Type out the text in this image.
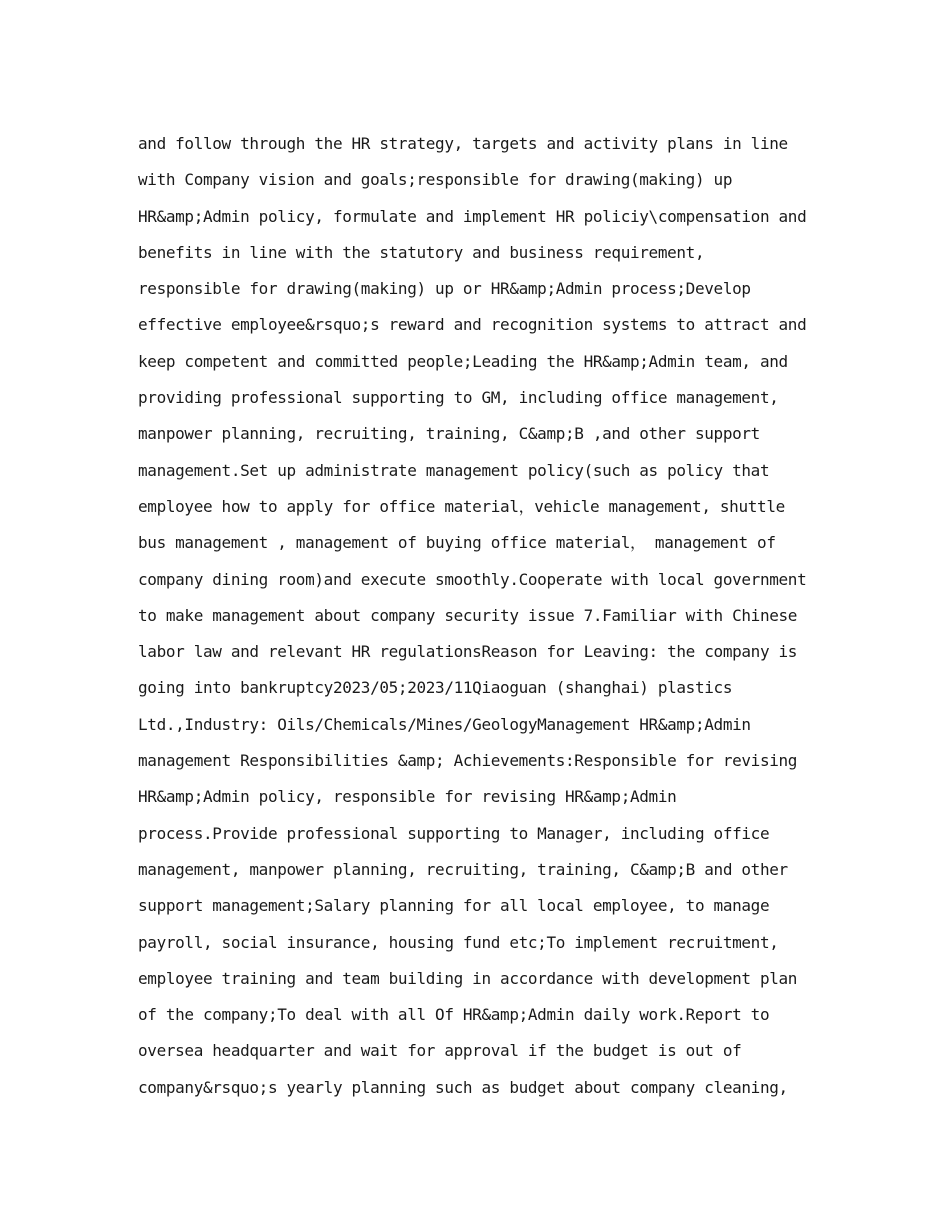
and follow through the HR strategy, targets and activity plans in line
with Company vision and goals;responsible for drawing(making) up
HR&amp;Admin policy, formulate and implement HR policiy\compensation and
benefits in line with the statutory and business requirement,
responsible for drawing(making) up or HR&amp;Admin process;Develop
effective employee&rsquo;s reward and recognition systems to attract and
keep competent and committed people;Leading the HR&amp;Admin team, and
providing professional supporting to GM, including office management,
manpower planning, recruiting, training, C&amp;B ,and other support
management.Set up administrate management policy(such as policy that
employee how to apply for office material，vehicle management, shuttle
bus management , management of buying office material， management of
company dining room)and execute smoothly.Cooperate with local government
to make management about company security issue 7.Familiar with Chinese
labor law and relevant HR regulationsReason for Leaving: the company is
going into bankruptcy2023/05;2023/11Qiaoguan (shanghai) plastics
Ltd.,Industry: Oils/Chemicals/Mines/GeologyManagement HR&amp;Admin
management Responsibilities &amp; Achievements:Responsible for revising
HR&amp;Admin policy, responsible for revising HR&amp;Admin
process.Provide professional supporting to Manager, including office
management, manpower planning, recruiting, training, C&amp;B and other
support management;Salary planning for all local employee, to manage
payroll, social insurance, housing fund etc;To implement recruitment,
employee training and team building in accordance with development plan
of the company;To deal with all Of HR&amp;Admin daily work.Report to
oversea headquarter and wait for approval if the budget is out of
company&rsquo;s yearly planning such as budget about company cleaning,
